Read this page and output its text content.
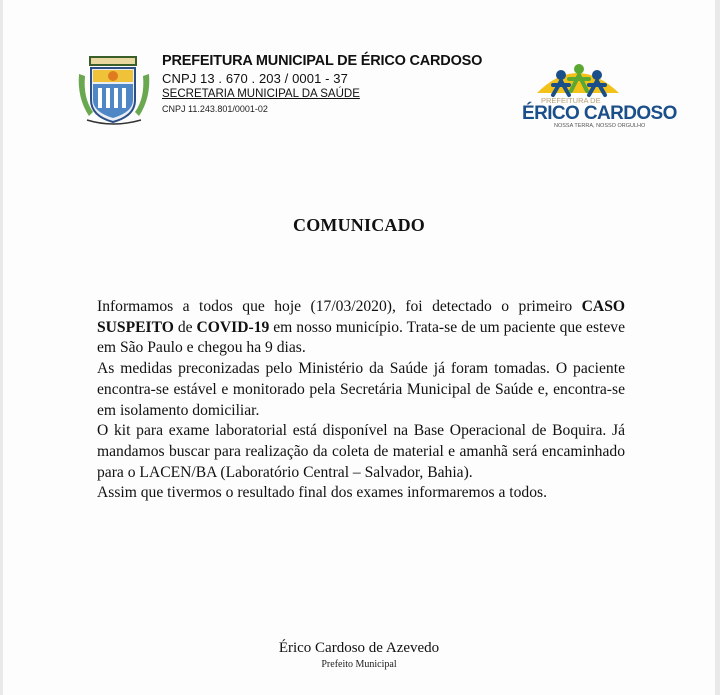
PREFEITURA MUNICIPAL DE ÉRICO CARDOSO
CNPJ 13 . 670 . 203 / 0001 - 37
SECRETARIA MUNICIPAL DA SAÚDE
CNPJ 11.243.801/0001-02
PREFEITURA DE
ÉRICO CARDOSO
NOSSA TERRA, NOSSO ORGULHO
COMUNICADO

Informamos a todos que hoje (17/03/2020), foi detectado o primeiro CASO SUSPEITO de COVID-19 em nosso município. Trata-se de um paciente que esteve em São Paulo e chegou ha 9 dias.

As medidas preconizadas pelo Ministério da Saúde já foram tomadas. O paciente encontra-se estável e monitorado pela Secretária Municipal de Saúde e, encontra-se em isolamento domiciliar.

O kit para exame laboratorial está disponível na Base Operacional de Boquira. Já mandamos buscar para realização da coleta de material e amanhã será encaminhado para o LACEN/BA (Laboratório Central – Salvador, Bahia).

Assim que tivermos o resultado final dos exames informaremos a todos.

Érico Cardoso de Azevedo
Prefeito Municipal
